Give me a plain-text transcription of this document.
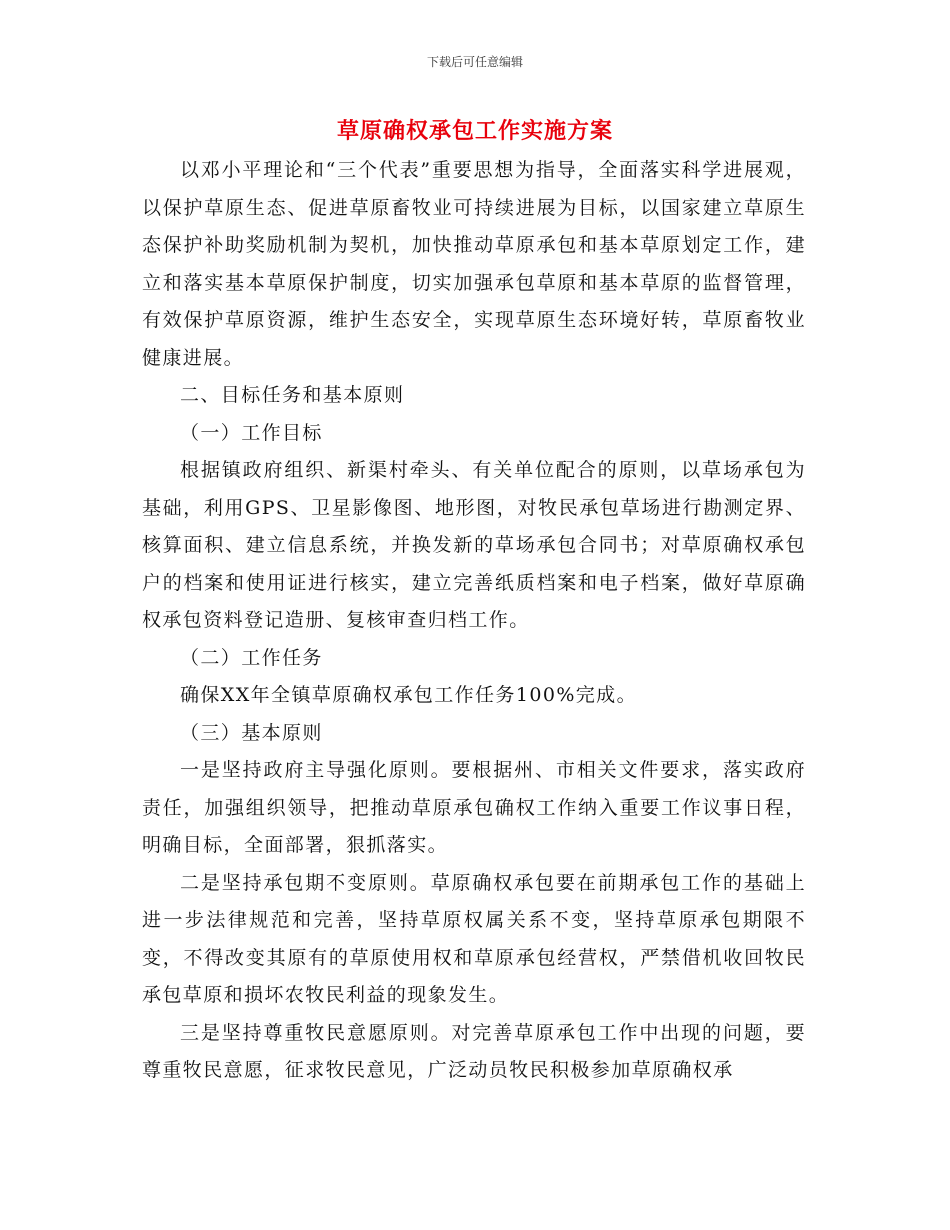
下载后可任意编辑
草原确权承包工作实施方案

以邓小平理论和“三个代表”重要思想为指导，全面落实科学进展观，以保护草原生态、促进草原畜牧业可持续进展为目标，以国家建立草原生态保护补助奖励机制为契机，加快推动草原承包和基本草原划定工作，建立和落实基本草原保护制度，切实加强承包草原和基本草原的监督管理，有效保护草原资源，维护生态安全，实现草原生态环境好转，草原畜牧业健康进展。

二、目标任务和基本原则

（一）工作目标

根据镇政府组织、新渠村牵头、有关单位配合的原则，以草场承包为基础，利用GPS、卫星影像图、地形图，对牧民承包草场进行勘测定界、核算面积、建立信息系统，并换发新的草场承包合同书；对草原确权承包户的档案和使用证进行核实，建立完善纸质档案和电子档案，做好草原确权承包资料登记造册、复核审查归档工作。

（二）工作任务

确保XX年全镇草原确权承包工作任务100%完成。

（三）基本原则

一是坚持政府主导强化原则。要根据州、市相关文件要求，落实政府责任，加强组织领导，把推动草原承包确权工作纳入重要工作议事日程，明确目标，全面部署，狠抓落实。

二是坚持承包期不变原则。草原确权承包要在前期承包工作的基础上进一步法律规范和完善，坚持草原权属关系不变，坚持草原承包期限不变，不得改变其原有的草原使用权和草原承包经营权，严禁借机收回牧民承包草原和损坏农牧民利益的现象发生。

三是坚持尊重牧民意愿原则。对完善草原承包工作中出现的问题，要尊重牧民意愿，征求牧民意见，广泛动员牧民积极参加草原确权承
